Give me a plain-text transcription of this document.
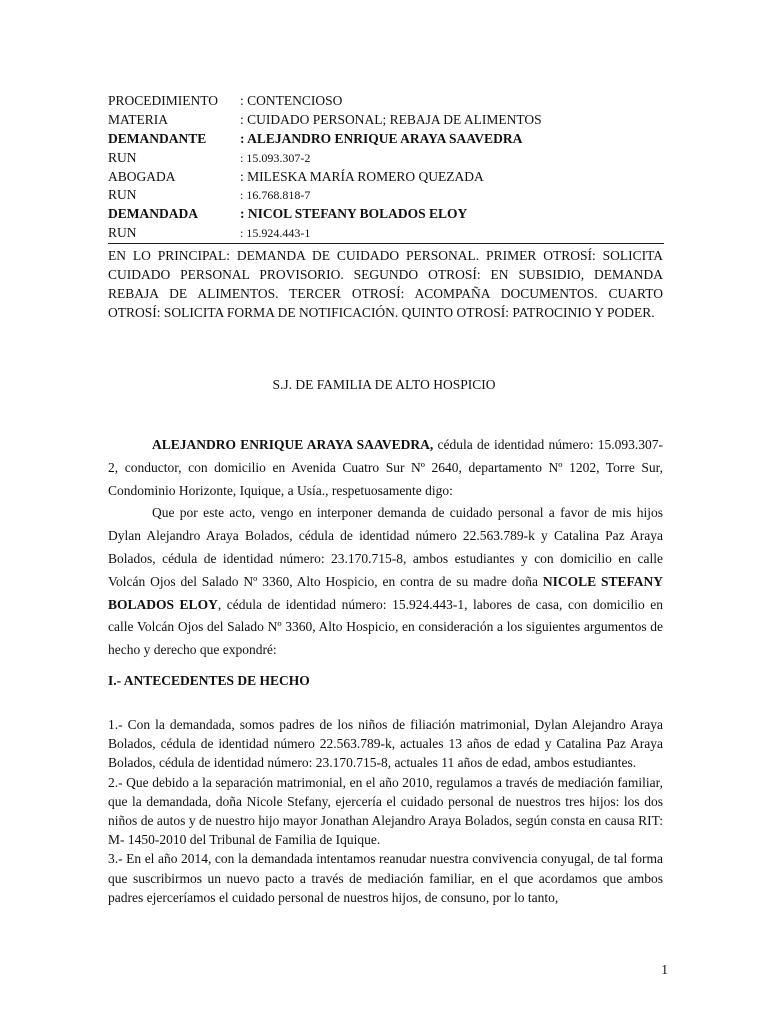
PROCEDIMIENTO	: CONTENCIOSO
MATERIA	: CUIDADO PERSONAL; REBAJA DE ALIMENTOS
DEMANDANTE	: ALEJANDRO ENRIQUE ARAYA SAAVEDRA
RUN	: 15.093.307-2
ABOGADA	: MILESKA MARÍA ROMERO QUEZADA
RUN	: 16.768.818-7
DEMANDADA	: NICOL STEFANY BOLADOS ELOY
RUN	: 15.924.443-1
EN LO PRINCIPAL: DEMANDA DE CUIDADO PERSONAL. PRIMER OTROSÍ: SOLICITA CUIDADO PERSONAL PROVISORIO. SEGUNDO OTROSÍ: EN SUBSIDIO, DEMANDA REBAJA DE ALIMENTOS. TERCER OTROSÍ: ACOMPAÑA DOCUMENTOS. CUARTO OTROSÍ: SOLICITA FORMA DE NOTIFICACIÓN. QUINTO OTROSÍ: PATROCINIO Y PODER.
S.J. DE FAMILIA DE ALTO HOSPICIO

ALEJANDRO ENRIQUE ARAYA SAAVEDRA, cédula de identidad número: 15.093.307-2, conductor, con domicilio en Avenida Cuatro Sur Nº 2640, departamento Nº 1202, Torre Sur, Condominio Horizonte, Iquique, a Usía., respetuosamente digo:

Que por este acto, vengo en interponer demanda de cuidado personal a favor de mis hijos Dylan Alejandro Araya Bolados, cédula de identidad número 22.563.789-k y Catalina Paz Araya Bolados, cédula de identidad número: 23.170.715-8, ambos estudiantes y con domicilio en calle Volcán Ojos del Salado Nº 3360, Alto Hospicio, en contra de su madre doña NICOLE STEFANY BOLADOS ELOY, cédula de identidad número: 15.924.443-1, labores de casa, con domicilio en calle Volcán Ojos del Salado Nº 3360, Alto Hospicio, en consideración a los siguientes argumentos de hecho y derecho que expondré:

I.- ANTECEDENTES DE HECHO

1.- Con la demandada, somos padres de los niños de filiación matrimonial, Dylan Alejandro Araya Bolados, cédula de identidad número 22.563.789-k, actuales 13 años de edad y Catalina Paz Araya Bolados, cédula de identidad número: 23.170.715-8, actuales 11 años de edad, ambos estudiantes.

2.- Que debido a la separación matrimonial, en el año 2010, regulamos a través de mediación familiar, que la demandada, doña Nicole Stefany, ejercería el cuidado personal de nuestros tres hijos: los dos niños de autos y de nuestro hijo mayor Jonathan Alejandro Araya Bolados, según consta en causa RIT: M- 1450-2010 del Tribunal de Familia de Iquique.

3.- En el año 2014, con la demandada intentamos reanudar nuestra convivencia conyugal, de tal forma que suscribirmos un nuevo pacto a través de mediación familiar, en el que acordamos que ambos padres ejerceríamos el cuidado personal de nuestros hijos, de consuno, por lo tanto,

1
